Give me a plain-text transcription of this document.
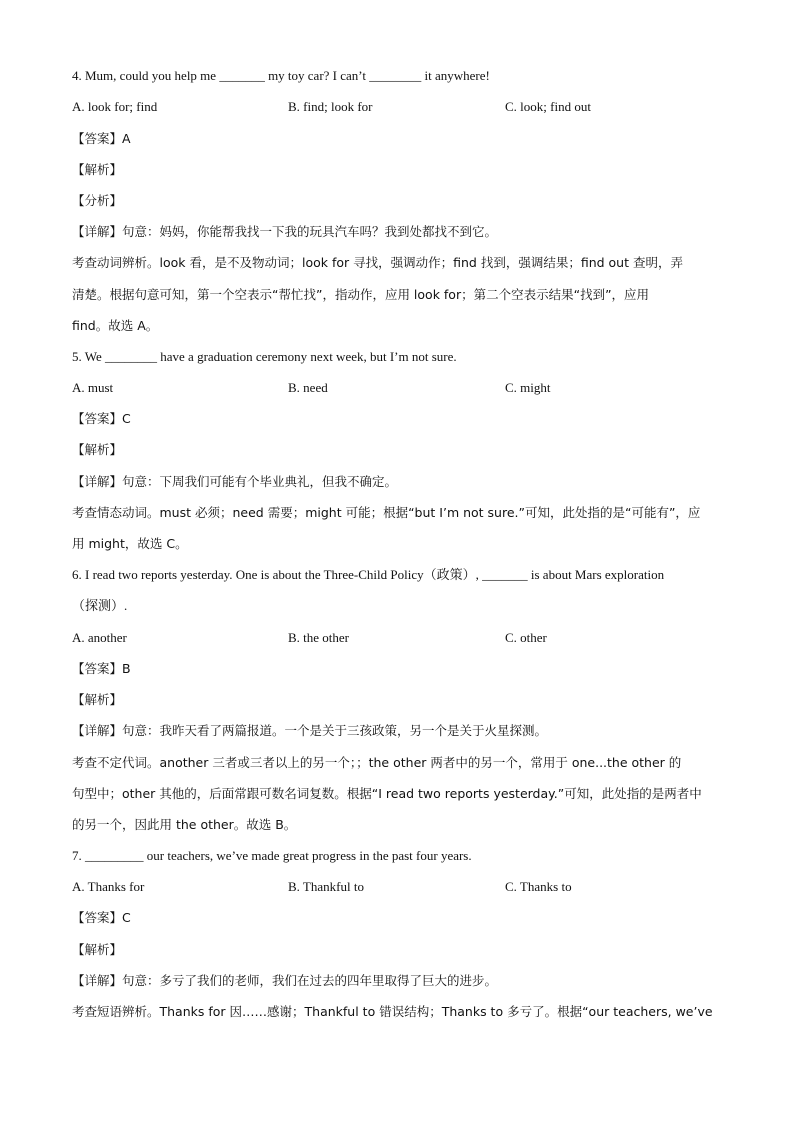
4. Mum, could you help me _______ my toy car? I can’t ________ it anywhere!
A. look for; find	B. find; look for	C. look; find out
【答案】A
【解析】
【分析】
【详解】句意：妈妈，你能帮我找一下我的玩具汽车吗？我到处都找不到它。
考查动词辨析。look 看，是不及物动词；look for 寻找，强调动作；find 找到，强调结果；find out 查明，弄
清楚。根据句意可知，第一个空表示“帮忙找”，指动作，应用 look for；第二个空表示结果“找到”，应用
find。故选 A。
5. We ________ have a graduation ceremony next week, but I’m not sure.
A. must	B. need	C. might
【答案】C
【解析】
【详解】句意：下周我们可能有个毕业典礼，但我不确定。
考查情态动词。must 必须；need 需要；might 可能；根据“but I’m not sure.”可知，此处指的是“可能有”，应
用 might，故选 C。
6. I read two reports yesterday. One is about the Three-Child Policy（政策）, _______ is about Mars exploration
（探测）.
A. another	B. the other	C. other
【答案】B
【解析】
【详解】句意：我昨天看了两篇报道。一个是关于三孩政策，另一个是关于火星探测。
考查不定代词。another 三者或三者以上的另一个；；the other 两者中的另一个，常用于 one...the other 的
句型中；other 其他的，后面常跟可数名词复数。根据“I read two reports yesterday.”可知，此处指的是两者中
的另一个，因此用 the other。故选 B。
7. _________ our teachers, we’ve made great progress in the past four years.
A. Thanks for	B. Thankful to	C. Thanks to
【答案】C
【解析】
【详解】句意：多亏了我们的老师，我们在过去的四年里取得了巨大的进步。
考查短语辨析。Thanks for 因……感谢；Thankful to 错误结构；Thanks to 多亏了。根据“our teachers, we’ve
